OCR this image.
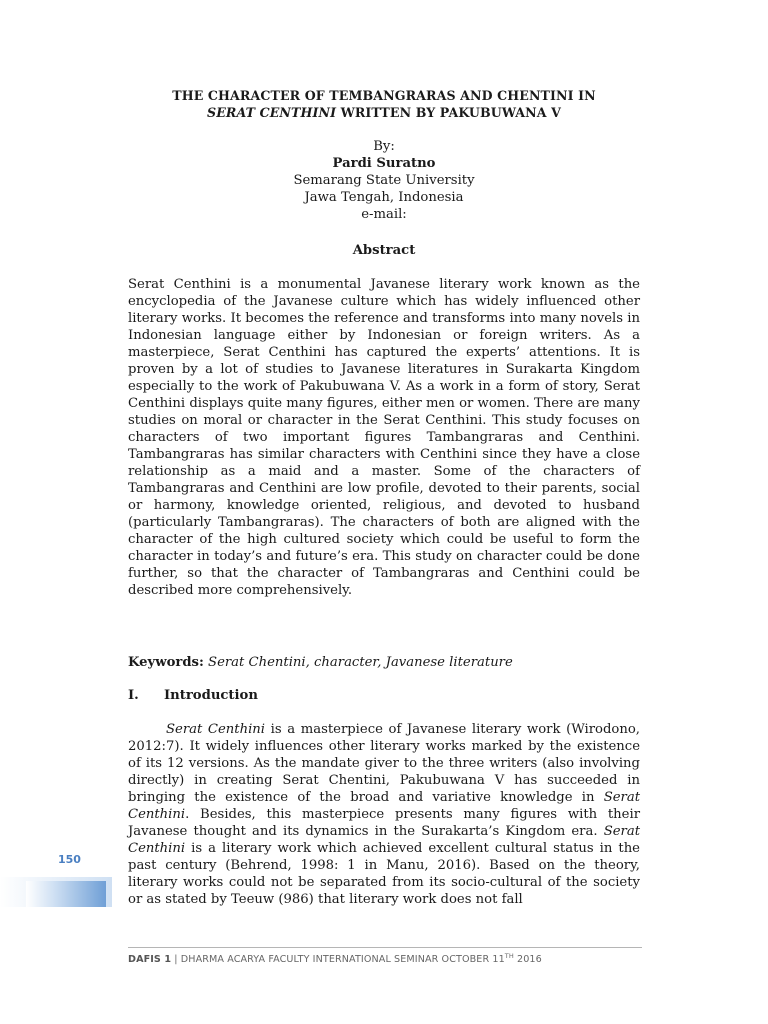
THE CHARACTER OF TEMBANGRARAS AND CHENTINI IN
SERAT CENTHINI WRITTEN BY PAKUBUWANA V
By:
Pardi Suratno
Semarang State University
Jawa Tengah, Indonesia
e-mail:
Abstract

Serat Centhini is a monumental Javanese literary work known as the encyclopedia of the Javanese culture which has widely influenced other literary works. It becomes the reference and transforms into many novels in Indonesian language either by Indonesian or foreign writers. As a masterpiece, Serat Centhini has captured the experts’ attentions. It is proven by a lot of studies to Javanese literatures in Surakarta Kingdom especially to the work of Pakubuwana V. As a work in a form of story, Serat Centhini displays quite many figures, either men or women. There are many studies on moral or character in the Serat Centhini. This study focuses on characters of two important figures Tambangraras and Centhini. Tambangraras has similar characters with Centhini since they have a close relationship as a maid and a master. Some of the characters of Tambangraras and Centhini are low profile, devoted to their parents, social or harmony, knowledge oriented, religious, and devoted to husband (particularly Tambangraras). The characters of both are aligned with the character of the high cultured society which could be useful to form the character in today’s and future’s era. This study on character could be done further, so that the character of Tambangraras and Centhini could be described more comprehensively.

Keywords: Serat Chentini, character, Javanese literature
I. Introduction

Serat Centhini is a masterpiece of Javanese literary work (Wirodono, 2012:7). It widely influences other literary works marked by the existence of its 12 versions. As the mandate giver to the three writers (also involving directly) in creating Serat Chentini, Pakubuwana V has succeeded in bringing the existence of the broad and variative knowledge in Serat Centhini. Besides, this masterpiece presents many figures with their Javanese thought and its dynamics in the Surakarta’s Kingdom era. Serat Centhini is a literary work which achieved excellent cultural status in the past century (Behrend, 1998: 1 in Manu, 2016). Based on the theory, literary works could not be separated from its socio-cultural of the society or as stated by Teeuw (986) that literary work does not fall

150
DAFIS 1 | DHARMA ACARYA FACULTY INTERNATIONAL SEMINAR OCTOBER 11TH 2016
